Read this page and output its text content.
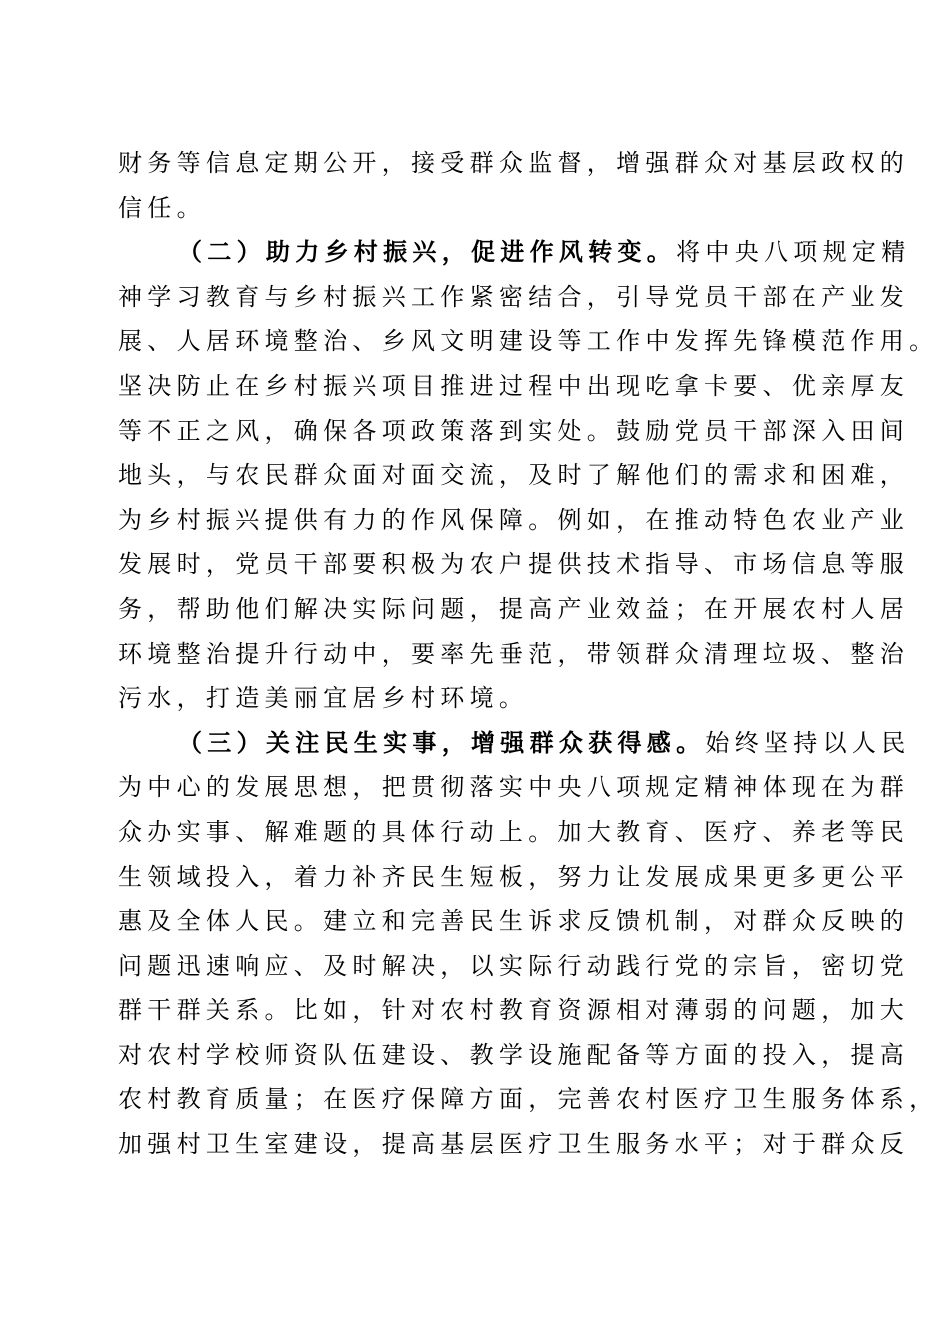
财务等信息定期公开，接受群众监督，增强群众对基层政权的
信任。
（二）助力乡村振兴，促进作风转变。将中央八项规定精
神学习教育与乡村振兴工作紧密结合，引导党员干部在产业发
展、人居环境整治、乡风文明建设等工作中发挥先锋模范作用。
坚决防止在乡村振兴项目推进过程中出现吃拿卡要、优亲厚友
等不正之风，确保各项政策落到实处。鼓励党员干部深入田间
地头，与农民群众面对面交流，及时了解他们的需求和困难，
为乡村振兴提供有力的作风保障。例如，在推动特色农业产业
发展时，党员干部要积极为农户提供技术指导、市场信息等服
务，帮助他们解决实际问题，提高产业效益；在开展农村人居
环境整治提升行动中，要率先垂范，带领群众清理垃圾、整治
污水，打造美丽宜居乡村环境。
（三）关注民生实事，增强群众获得感。始终坚持以人民
为中心的发展思想，把贯彻落实中央八项规定精神体现在为群
众办实事、解难题的具体行动上。加大教育、医疗、养老等民
生领域投入，着力补齐民生短板，努力让发展成果更多更公平
惠及全体人民。建立和完善民生诉求反馈机制，对群众反映的
问题迅速响应、及时解决，以实际行动践行党的宗旨，密切党
群干群关系。比如，针对农村教育资源相对薄弱的问题，加大
对农村学校师资队伍建设、教学设施配备等方面的投入，提高
农村教育质量；在医疗保障方面，完善农村医疗卫生服务体系，
加强村卫生室建设，提高基层医疗卫生服务水平；对于群众反
